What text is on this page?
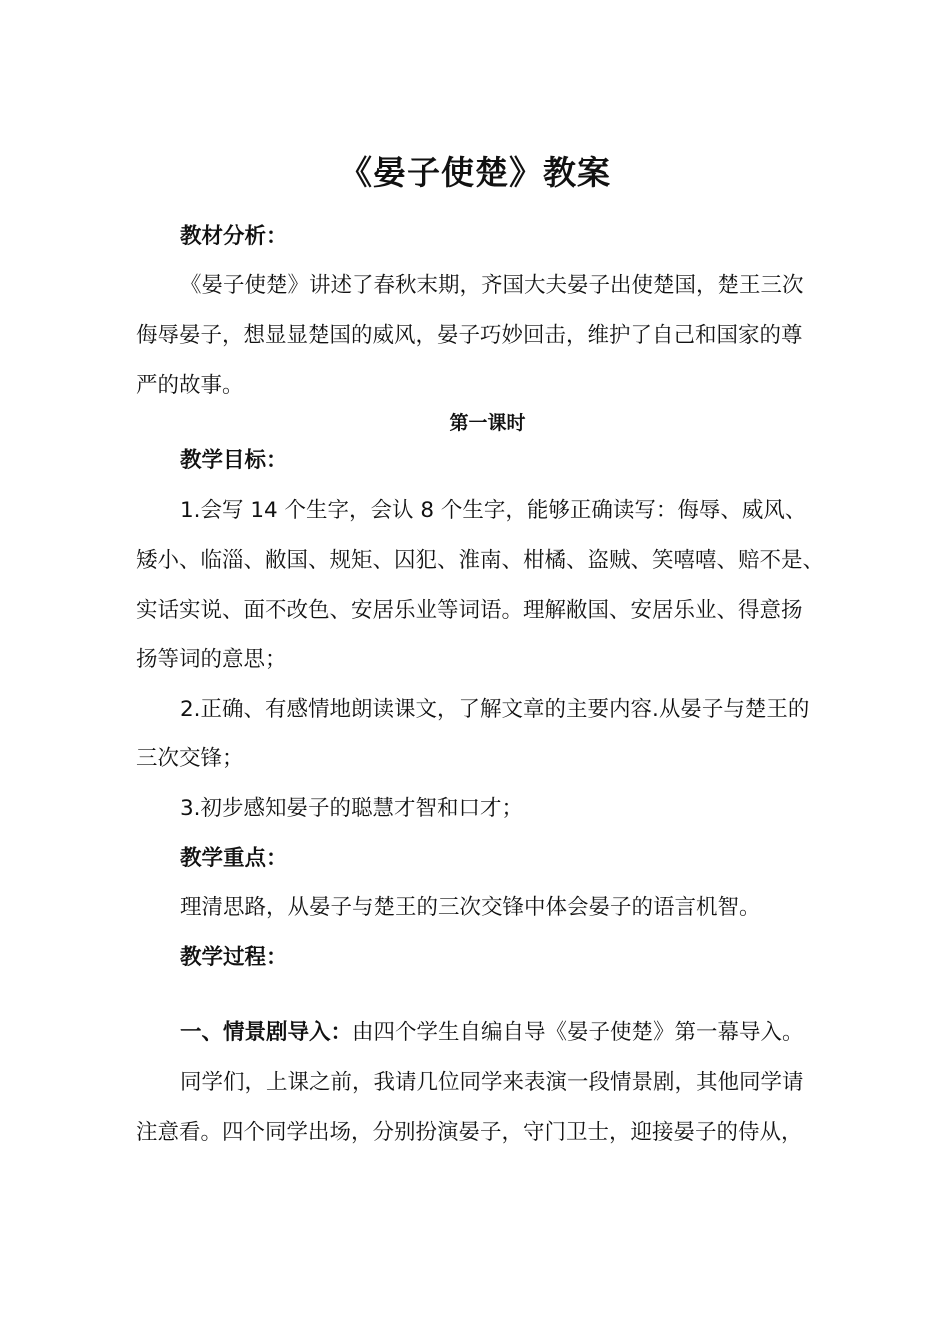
《晏子使楚》教案
教材分析：
《晏子使楚》讲述了春秋末期，齐国大夫晏子出使楚国，楚王三次
侮辱晏子，想显显楚国的威风，晏子巧妙回击，维护了自己和国家的尊
严的故事。
第一课时
教学目标：
1.会写 14 个生字，会认 8 个生字，能够正确读写：侮辱、威风、
矮小、临淄、敝国、规矩、囚犯、淮南、柑橘、盗贼、笑嘻嘻、赔不是、
实话实说、面不改色、安居乐业等词语。理解敝国、安居乐业、得意扬
扬等词的意思；
2.正确、有感情地朗读课文，了解文章的主要内容.从晏子与楚王的
三次交锋；
3.初步感知晏子的聪慧才智和口才；
教学重点：
理清思路，从晏子与楚王的三次交锋中体会晏子的语言机智。
教学过程：
一、情景剧导入：由四个学生自编自导《晏子使楚》第一幕导入。
同学们，上课之前，我请几位同学来表演一段情景剧，其他同学请
注意看。四个同学出场，分别扮演晏子，守门卫士，迎接晏子的侍从，
